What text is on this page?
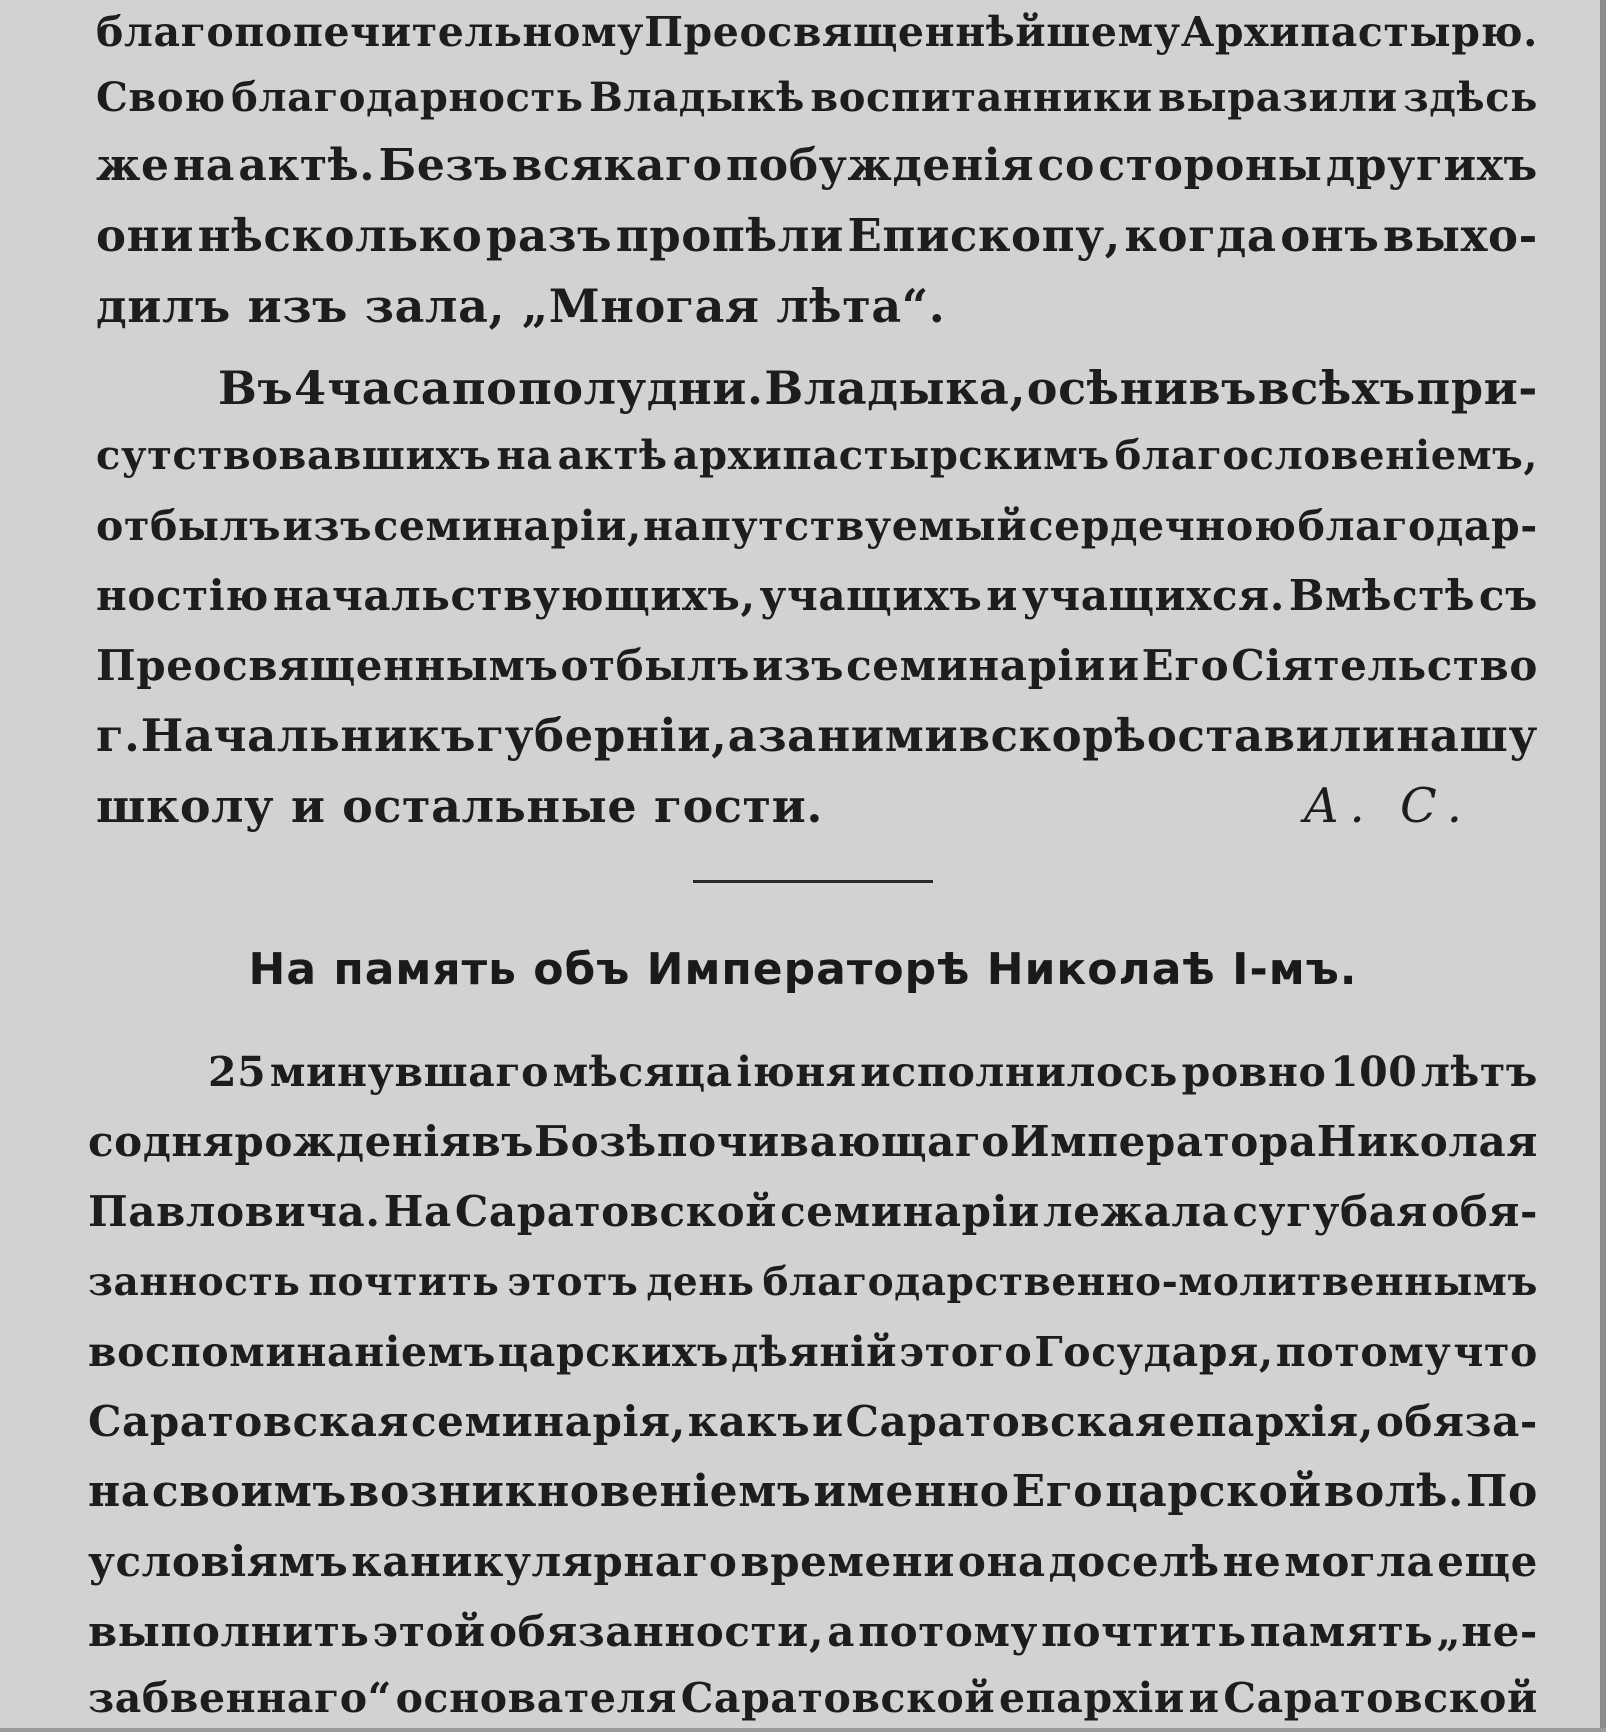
благопопечительному Преосвященнѣйшему Архипастырю.
Свою благодарность Владыкѣ воспитанники выразили здѣсь
же на актѣ. Безъ всякаго побужденія со стороны другихъ
они нѣсколько разъ пропѣли Епископу, когда онъ выхо-
дилъ изъ зала, „Многая лѣта“.
Въ 4 часа по полудни. Владыка, осѣнивъ всѣхъ при-
сутствовавшихъ на актѣ архипастырскимъ благословеніемъ,
отбылъ изъ семинаріи, напутствуемый сердечною благодар-
ностію начальствующихъ, учащихъ и учащихся. Вмѣстѣ съ
Преосвященнымъ отбылъ изъ семинаріи и Его Сіятельство
г. Начальникъ губерніи, а за ними вскорѣ оставили нашу
школу и остальные гости.	А. С.
На память объ Императорѣ Николаѣ І-мъ.
25 минувшаго мѣсяца іюня исполнилось ровно 100 лѣтъ
со дня рожденія въ Бозѣ почивающаго Императора Николая
Павловича. На Саратовской семинаріи лежала сугубая обя-
занность почтить этотъ день благодарственно-молитвеннымъ
воспоминаніемъ царскихъ дѣяній этого Государя, потому что
Саратовская семинарія, какъ и Саратовская епархія, обяза-
на своимъ возникновеніемъ именно Его царской волѣ. По
условіямъ каникулярнаго времени она доселѣ не могла еще
выполнить этой обязанности, а потому почтить память „не-
забвеннаго“ основателя Саратовской епархіи и Саратовской
